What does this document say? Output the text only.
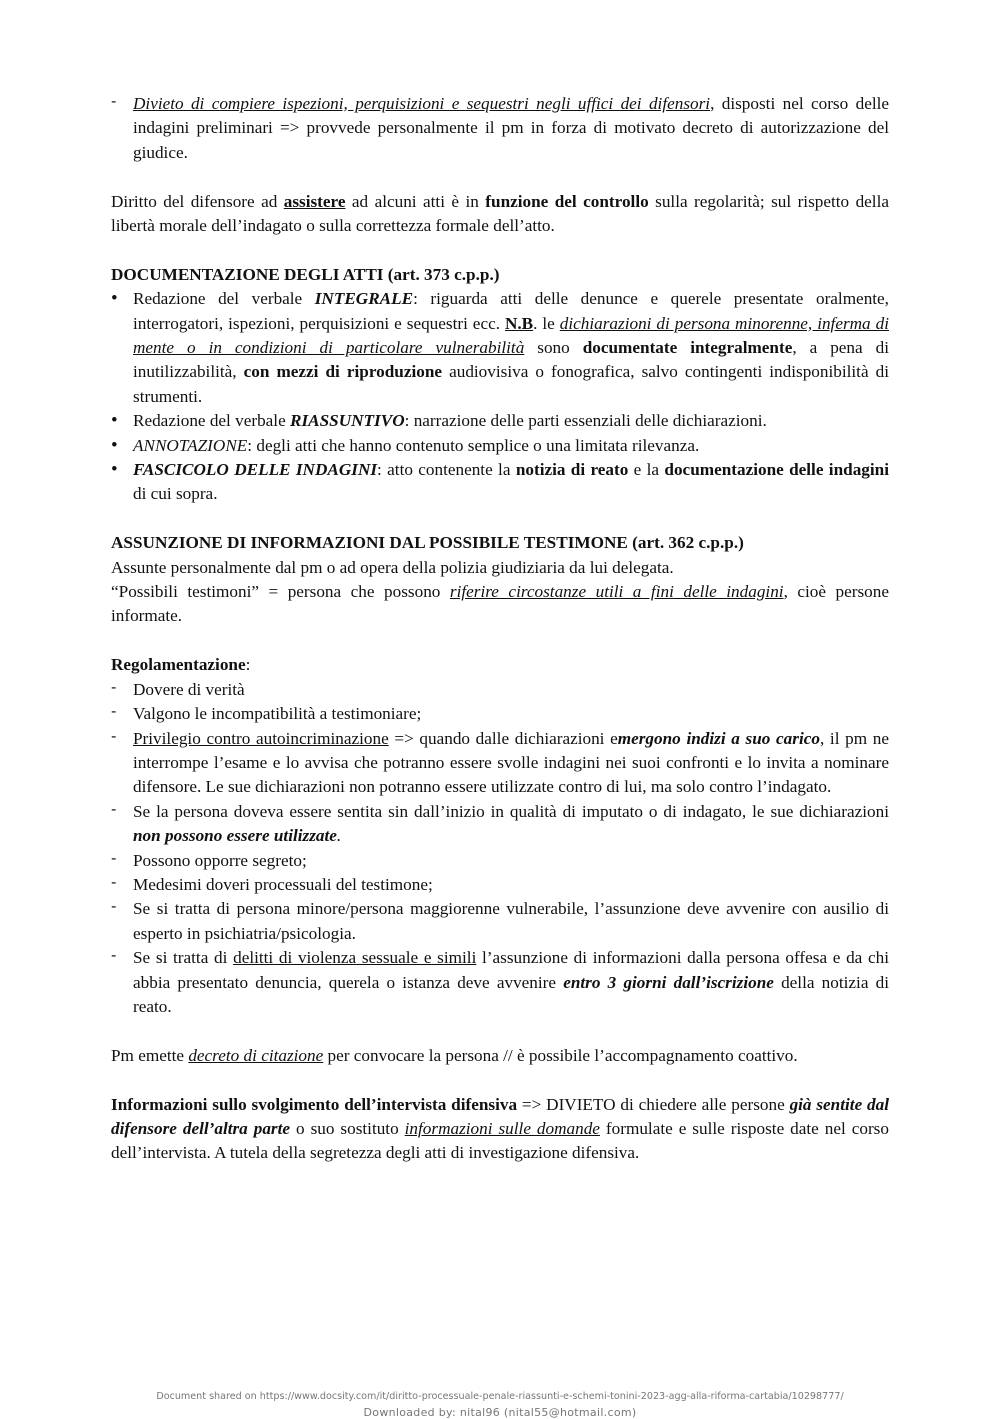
- Divieto di compiere ispezioni, perquisizioni e sequestri negli uffici dei difensori, disposti nel corso delle indagini preliminari => provvede personalmente il pm in forza di motivato decreto di autorizzazione del giudice.

Diritto del difensore ad assistere ad alcuni atti è in funzione del controllo sulla regolarità; sul rispetto della libertà morale dell’indagato o sulla correttezza formale dell’atto.

DOCUMENTAZIONE DEGLI ATTI (art. 373 c.p.p.)

• Redazione del verbale INTEGRALE: riguarda atti delle denunce e querele presentate oralmente, interrogatori, ispezioni, perquisizioni e sequestri ecc. N.B. le dichiarazioni di persona minorenne, inferma di mente o in condizioni di particolare vulnerabilità sono documentate integralmente, a pena di inutilizzabilità, con mezzi di riproduzione audiovisiva o fonografica, salvo contingenti indisponibilità di strumenti.
• Redazione del verbale RIASSUNTIVO: narrazione delle parti essenziali delle dichiarazioni.
• ANNOTAZIONE: degli atti che hanno contenuto semplice o una limitata rilevanza.
• FASCICOLO DELLE INDAGINI: atto contenente la notizia di reato e la documentazione delle indagini di cui sopra.

ASSUNZIONE DI INFORMAZIONI DAL POSSIBILE TESTIMONE (art. 362 c.p.p.)

Assunte personalmente dal pm o ad opera della polizia giudiziaria da lui delegata.

“Possibili testimoni” = persona che possono riferire circostanze utili a fini delle indagini, cioè persone informate.

Regolamentazione:

- Dovere di verità
- Valgono le incompatibilità a testimoniare;
- Privilegio contro autoincriminazione => quando dalle dichiarazioni emergono indizi a suo carico, il pm ne interrompe l’esame e lo avvisa che potranno essere svolle indagini nei suoi confronti e lo invita a nominare difensore. Le sue dichiarazioni non potranno essere utilizzate contro di lui, ma solo contro l’indagato.
- Se la persona doveva essere sentita sin dall’inizio in qualità di imputato o di indagato, le sue dichiarazioni non possono essere utilizzate.
- Possono opporre segreto;
- Medesimi doveri processuali del testimone;
- Se si tratta di persona minore/persona maggiorenne vulnerabile, l’assunzione deve avvenire con ausilio di esperto in psichiatria/psicologia.
- Se si tratta di delitti di violenza sessuale e simili l’assunzione di informazioni dalla persona offesa e da chi abbia presentato denuncia, querela o istanza deve avvenire entro 3 giorni dall’iscrizione della notizia di reato.

Pm emette decreto di citazione per convocare la persona // è possibile l’accompagnamento coattivo.

Informazioni sullo svolgimento dell’intervista difensiva => DIVIETO di chiedere alle persone già sentite dal difensore dell’altra parte o suo sostituto informazioni sulle domande formulate e sulle risposte date nel corso dell’intervista. A tutela della segretezza degli atti di investigazione difensiva.

Document shared on https://www.docsity.com/it/diritto-processuale-penale-riassunti-e-schemi-tonini-2023-agg-alla-riforma-cartabia/10298777/
Downloaded by: nital96 (nital55@hotmail.com)
